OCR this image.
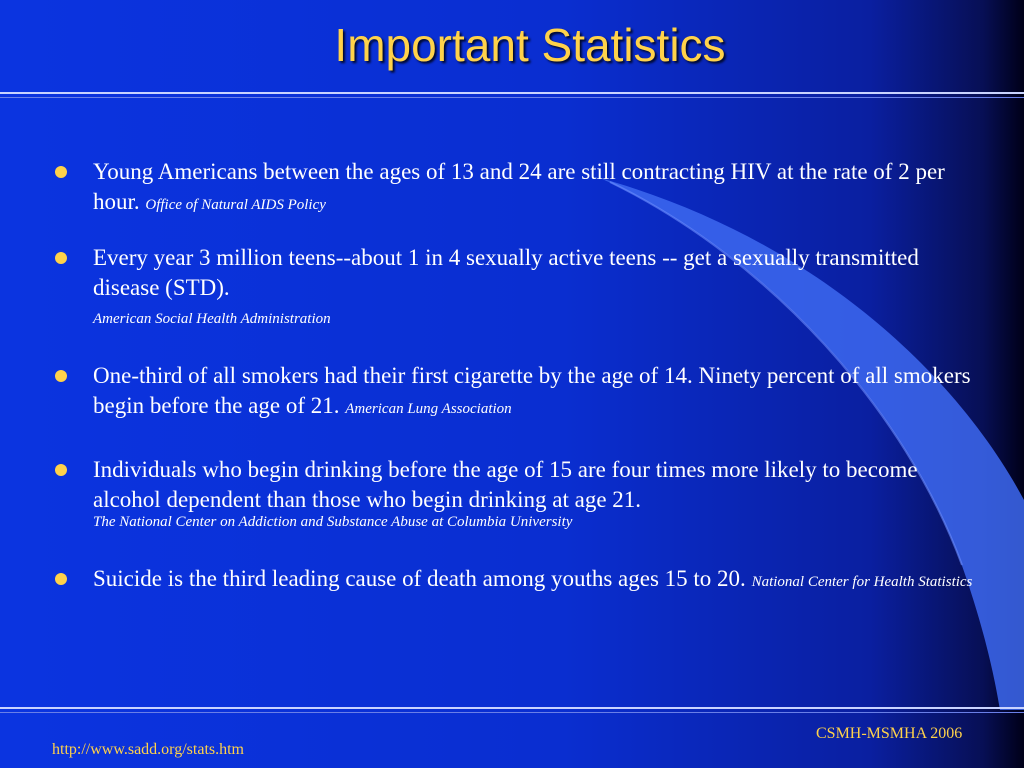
Important Statistics
Young Americans between the ages of 13 and 24 are still contracting HIV at the rate of 2 per hour. Office of Natural AIDS Policy
Every year 3 million teens--about 1 in 4 sexually active teens -- get a sexually transmitted disease (STD).
American Social Health Administration
One-third of all smokers had their first cigarette by the age of 14. Ninety percent of all smokers begin before the age of 21. American Lung Association
Individuals who begin drinking before the age of 15 are four times more likely to become alcohol dependent than those who begin drinking at age 21.
The National Center on Addiction and Substance Abuse at Columbia University
Suicide is the third leading cause of death among youths ages 15 to 20. National Center for Health Statistics
CSMH-MSMHA 2006
http://www.sadd.org/stats.htm
